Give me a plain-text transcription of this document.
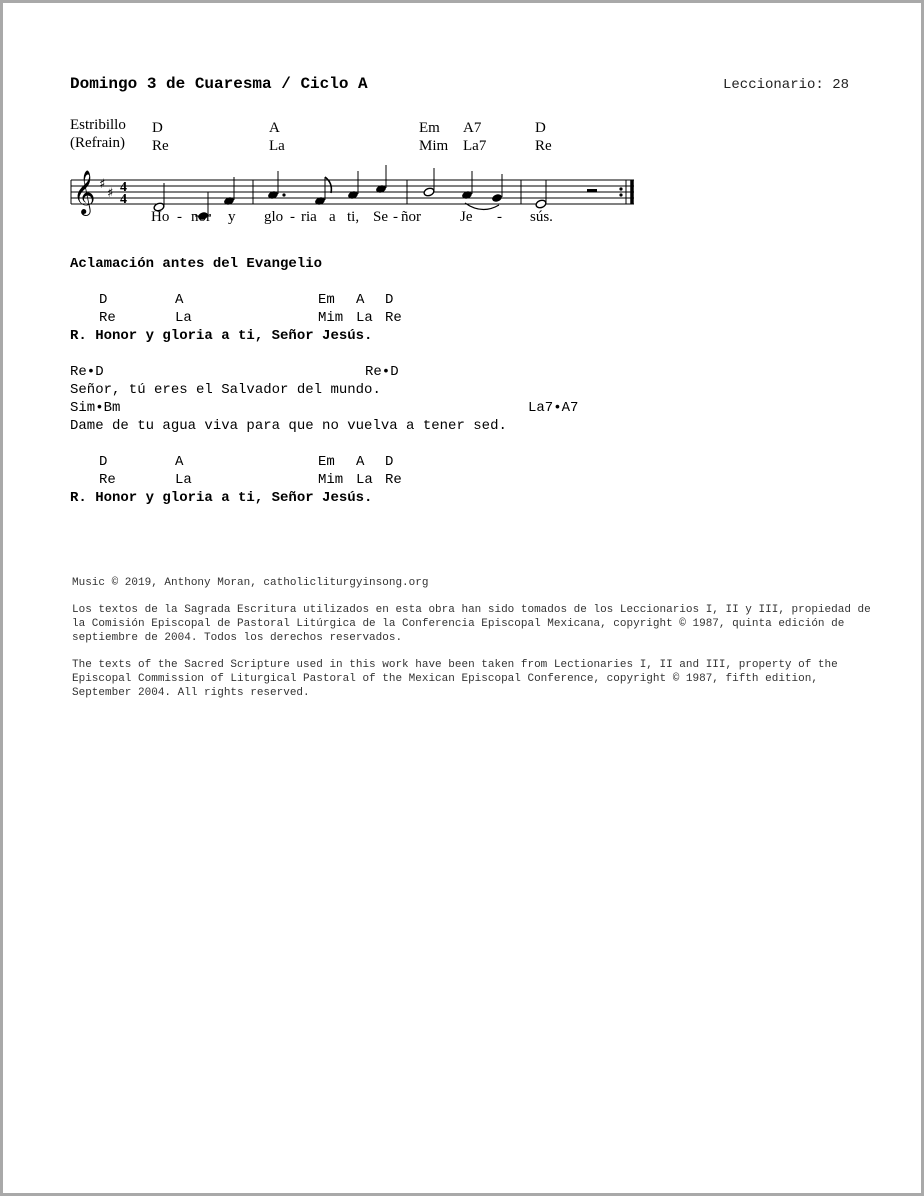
Domingo 3 de Cuaresma / Ciclo A	Leccionario: 28
Estribillo
(Refrain)
D	A	Em A7	D
Re	La	Mim La7	Re
𝄞 ♯
♯ 4
4
Ho - nor y glo - ria a ti, Se - ñor	Je - sús.
Aclamación antes del Evangelio
D	A	Em A D
Re	La	Mim La Re
R. Honor y gloria a ti, Señor Jesús.
Re•D	Re•D
Señor, tú eres el Salvador del mundo.
Sim•Bm	La7•A7
Dame de tu agua viva para que no vuelva a tener sed.
D	A	Em A D
Re	La	Mim La Re
R. Honor y gloria a ti, Señor Jesús.
Music © 2019, Anthony Moran, catholicliturgyinsong.org
Los textos de la Sagrada Escritura utilizados en esta obra han sido tomados de los Leccionarios I, II y III, propiedad de la Comisión Episcopal de Pastoral Litúrgica de la Conferencia Episcopal Mexicana, copyright © 1987, quinta edición de septiembre de 2004. Todos los derechos reservados.
The texts of the Sacred Scripture used in this work have been taken from Lectionaries I, II and III, property of the Episcopal Commission of Liturgical Pastoral of the Mexican Episcopal Conference, copyright © 1987, fifth edition, September 2004. All rights reserved.
